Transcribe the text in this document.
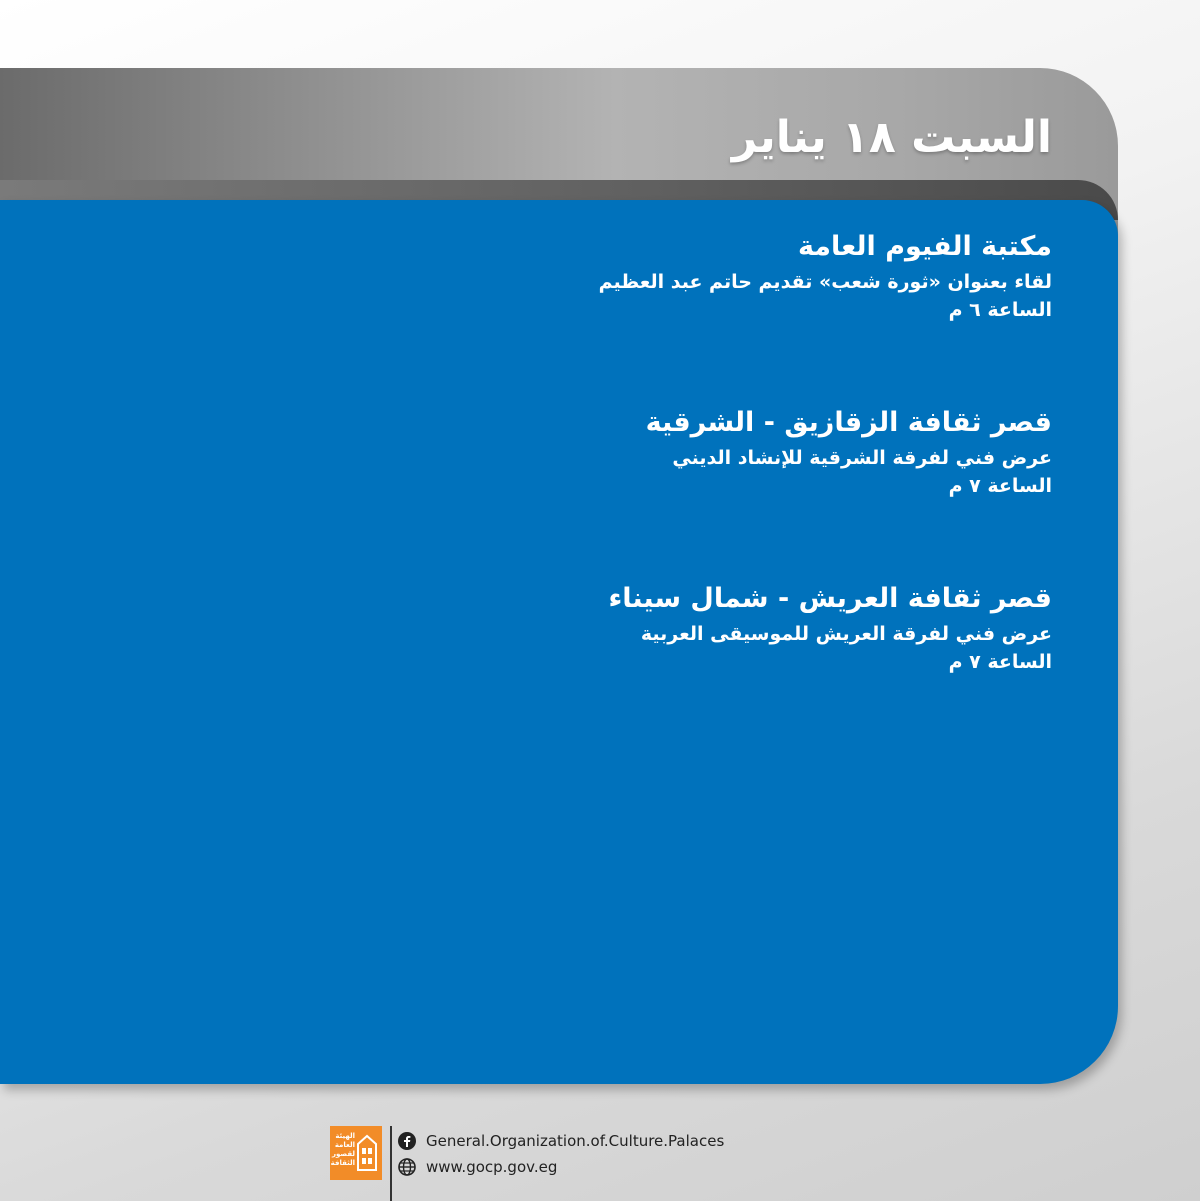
السبت ١٨ يناير

مكتبة الفيوم العامة

لقاء بعنوان «ثورة شعب» تقديم حاتم عبد العظيم

الساعة ٦ م

قصر ثقافة الزقازيق - الشرقية

عرض فني لفرقة الشرقية للإنشاد الديني

الساعة ٧ م

قصر ثقافة العريش - شمال سيناء

عرض فني لفرقة العريش للموسيقى العربية

الساعة ٧ م

الهيئة العامة لقصور الثقافة
General.Organization.of.Culture.Palaces
www.gocp.gov.eg
